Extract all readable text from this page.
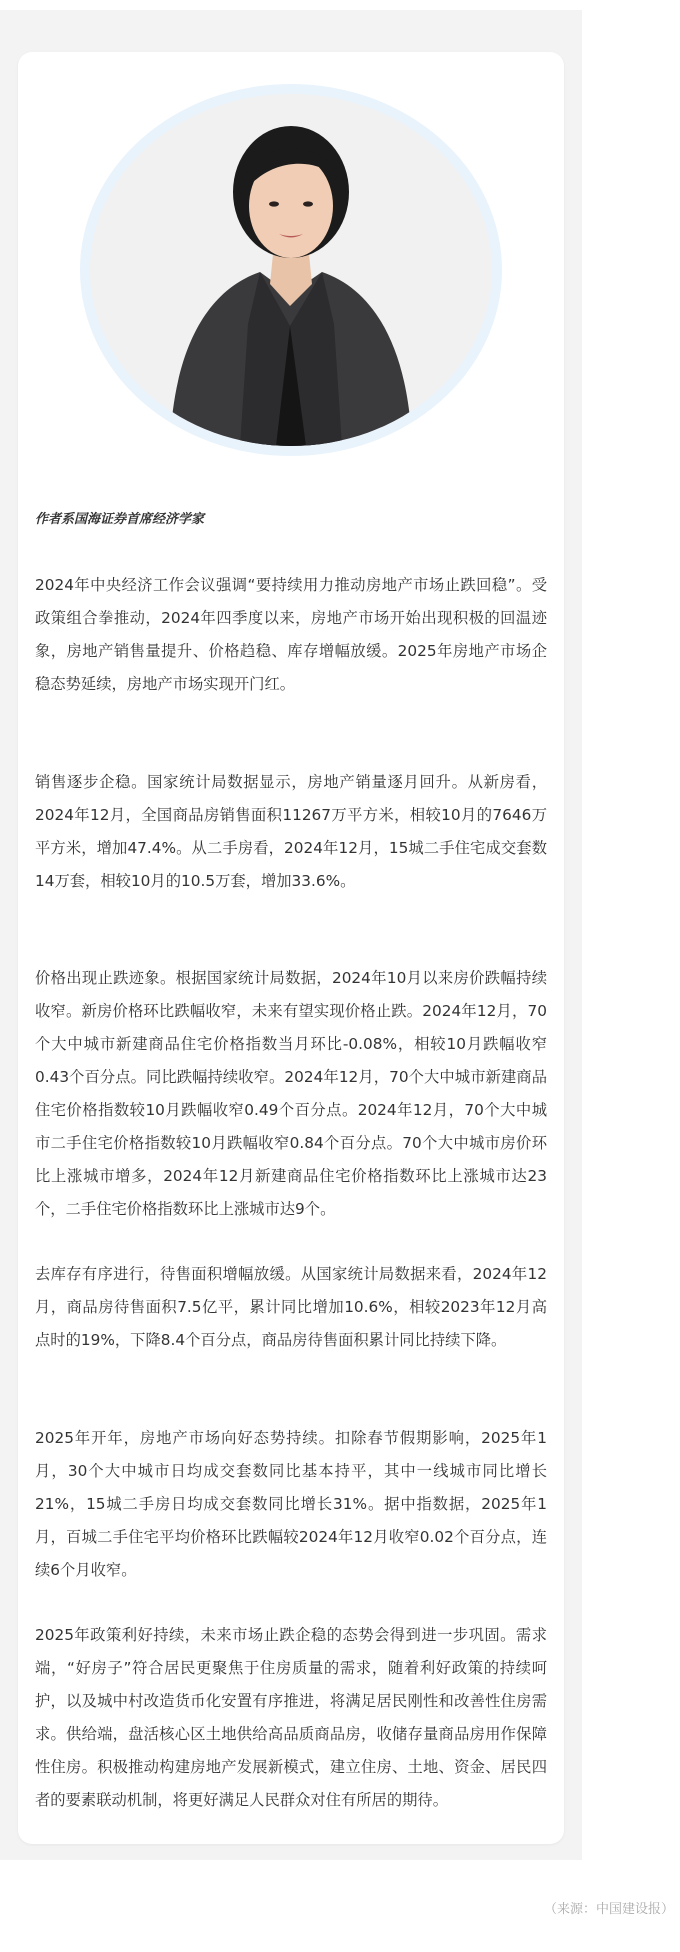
作者系国海证券首席经济学家

2024年中央经济工作会议强调“要持续用力推动房地产市场止跌回稳”。受政策组合拳推动，2024年四季度以来，房地产市场开始出现积极的回温迹象，房地产销售量提升、价格趋稳、库存增幅放缓。2025年房地产市场企稳态势延续，房地产市场实现开门红。

销售逐步企稳。国家统计局数据显示，房地产销量逐月回升。从新房看， 2024年12月，全国商品房销售面积11267万平方米，相较10月的7646万平方米，增加47.4%。从二手房看，2024年12月，15城二手住宅成交套数14万套，相较10月的10.5万套，增加33.6%。

价格出现止跌迹象。根据国家统计局数据，2024年10月以来房价跌幅持续收窄。新房价格环比跌幅收窄，未来有望实现价格止跌。2024年12月，70个大中城市新建商品住宅价格指数当月环比-0.08%，相较10月跌幅收窄0.43个百分点。同比跌幅持续收窄。2024年12月，70个大中城市新建商品住宅价格指数较10月跌幅收窄0.49个百分点。2024年12月，70个大中城市二手住宅价格指数较10月跌幅收窄0.84个百分点。70个大中城市房价环比上涨城市增多，2024年12月新建商品住宅价格指数环比上涨城市达23个，二手住宅价格指数环比上涨城市达9个。

去库存有序进行，待售面积增幅放缓。从国家统计局数据来看，2024年12月，商品房待售面积7.5亿平，累计同比增加10.6%，相较2023年12月高点时的19%，下降8.4个百分点，商品房待售面积累计同比持续下降。

2025年开年，房地产市场向好态势持续。扣除春节假期影响，2025年1月，30个大中城市日均成交套数同比基本持平，其中一线城市同比增长21%，15城二手房日均成交套数同比增长31%。据中指数据，2025年1月，百城二手住宅平均价格环比跌幅较2024年12月收窄0.02个百分点，连续6个月收窄。

2025年政策利好持续，未来市场止跌企稳的态势会得到进一步巩固。需求端，“好房子”符合居民更聚焦于住房质量的需求，随着利好政策的持续呵护，以及城中村改造货币化安置有序推进，将满足居民刚性和改善性住房需求。供给端，盘活核心区土地供给高品质商品房，收储存量商品房用作保障性住房。积极推动构建房地产发展新模式，建立住房、土地、资金、居民四者的要素联动机制，将更好满足人民群众对住有所居的期待。

（来源：中国建设报）
